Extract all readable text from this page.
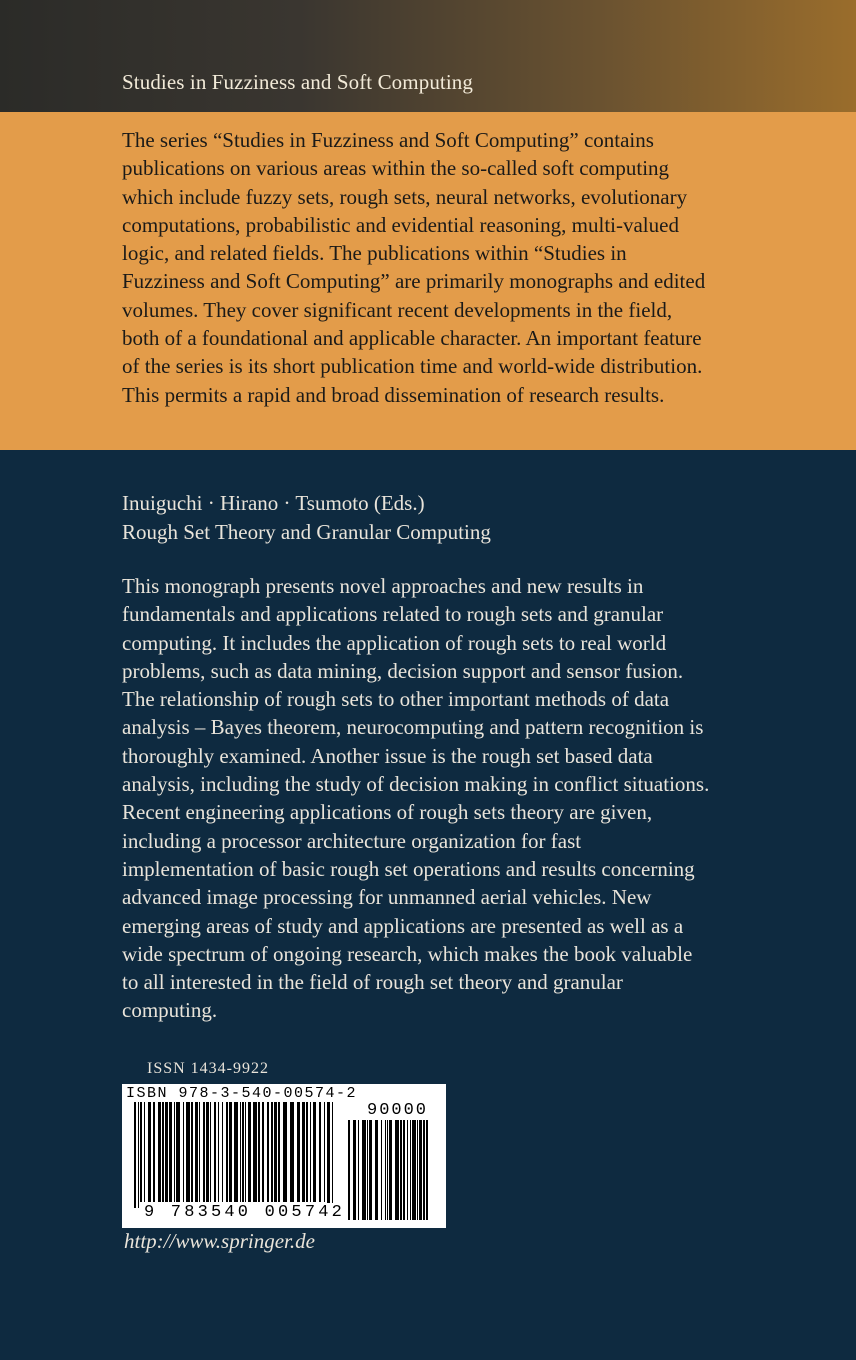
Studies in Fuzziness and Soft Computing

The series “Studies in Fuzziness and Soft Computing” contains publications on various areas within the so-called soft computing which include fuzzy sets, rough sets, neural networks, evolutionary computations, probabilistic and evidential reasoning, multi-valued logic, and related fields. The publications within “Studies in Fuzziness and Soft Computing” are primarily monographs and edited volumes. They cover significant recent developments in the field, both of a foundational and applicable character. An important feature of the series is its short publication time and world-wide distribution. This permits a rapid and broad dissemination of research results.

Inuiguchi · Hirano · Tsumoto (Eds.)
Rough Set Theory and Granular Computing

This monograph presents novel approaches and new results in fundamentals and applications related to rough sets and granular computing. It includes the application of rough sets to real world problems, such as data mining, decision support and sensor fusion. The relationship of rough sets to other important methods of data analysis – Bayes theorem, neurocomputing and pattern recognition is thoroughly examined. Another issue is the rough set based data analysis, including the study of decision making in conflict situations. Recent engineering applications of rough sets theory are given, including a processor architecture organization for fast implementation of basic rough set operations and results concerning advanced image processing for unmanned aerial vehicles. New emerging areas of study and applications are presented as well as a wide spectrum of ongoing research, which makes the book valuable to all interested in the field of rough set theory and granular computing.

ISSN 1434-9922
ISBN 978-3-540-00574-2
90000
9 783540 005742
http://www.springer.de
